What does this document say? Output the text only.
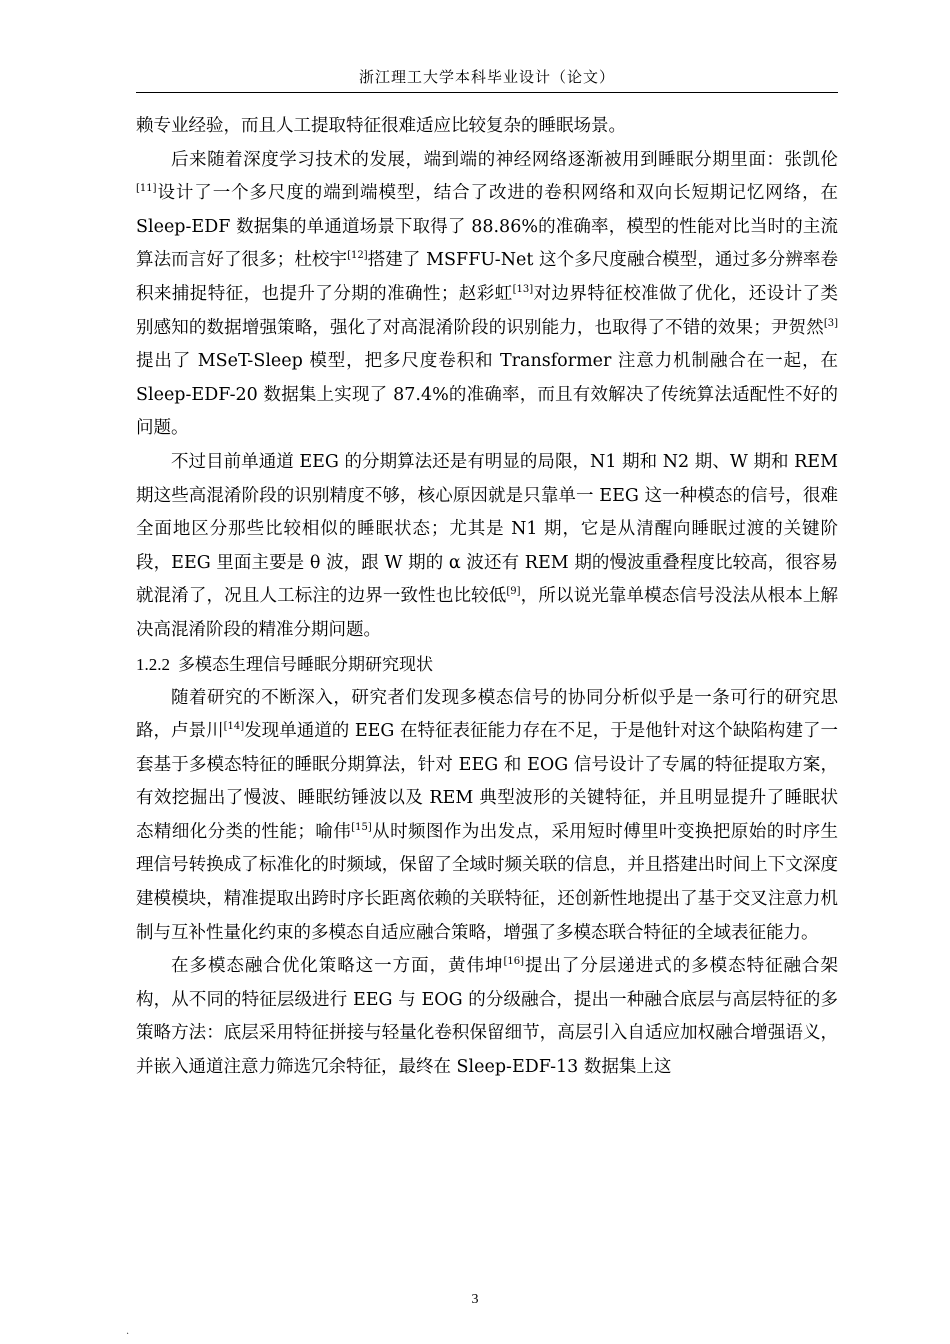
浙江理工大学本科毕业设计（论文）

赖专业经验，而且人工提取特征很难适应比较复杂的睡眠场景。

后来随着深度学习技术的发展，端到端的神经网络逐渐被用到睡眠分期里面：张凯伦[11]设计了一个多尺度的端到端模型，结合了改进的卷积网络和双向长短期记忆网络，在 Sleep-EDF 数据集的单通道场景下取得了 88.86%的准确率，模型的性能对比当时的主流算法而言好了很多；杜校宇[12]搭建了 MSFFU-Net 这个多尺度融合模型，通过多分辨率卷积来捕捉特征，也提升了分期的准确性；赵彩虹[13]对边界特征校准做了优化，还设计了类别感知的数据增强策略，强化了对高混淆阶段的识别能力，也取得了不错的效果；尹贺然[3]提出了 MSeT-Sleep 模型，把多尺度卷积和 Transformer 注意力机制融合在一起，在 Sleep-EDF-20 数据集上实现了 87.4%的准确率，而且有效解决了传统算法适配性不好的问题。

不过目前单通道 EEG 的分期算法还是有明显的局限，N1 期和 N2 期、W 期和 REM 期这些高混淆阶段的识别精度不够，核心原因就是只靠单一 EEG 这一种模态的信号，很难全面地区分那些比较相似的睡眠状态；尤其是 N1 期，它是从清醒向睡眠过渡的关键阶段，EEG 里面主要是 θ 波，跟 W 期的 α 波还有 REM 期的慢波重叠程度比较高，很容易就混淆了，况且人工标注的边界一致性也比较低[9]，所以说光靠单模态信号没法从根本上解决高混淆阶段的精准分期问题。

1.2.2 多模态生理信号睡眠分期研究现状

随着研究的不断深入，研究者们发现多模态信号的协同分析似乎是一条可行的研究思路，卢景川[14]发现单通道的 EEG 在特征表征能力存在不足，于是他针对这个缺陷构建了一套基于多模态特征的睡眠分期算法，针对 EEG 和 EOG 信号设计了专属的特征提取方案，有效挖掘出了慢波、睡眠纺锤波以及 REM 典型波形的关键特征，并且明显提升了睡眠状态精细化分类的性能；喻伟[15]从时频图作为出发点，采用短时傅里叶变换把原始的时序生理信号转换成了标准化的时频域，保留了全域时频关联的信息，并且搭建出时间上下文深度建模模块，精准提取出跨时序长距离依赖的关联特征，还创新性地提出了基于交叉注意力机制与互补性量化约束的多模态自适应融合策略，增强了多模态联合特征的全域表征能力。

在多模态融合优化策略这一方面，黄伟坤[16]提出了分层递进式的多模态特征融合架构，从不同的特征层级进行 EEG 与 EOG 的分级融合，提出一种融合底层与高层特征的多策略方法：底层采用特征拼接与轻量化卷积保留细节，高层引入自适应加权融合增强语义，并嵌入通道注意力筛选冗余特征，最终在 Sleep-EDF-13 数据集上这

3
.
